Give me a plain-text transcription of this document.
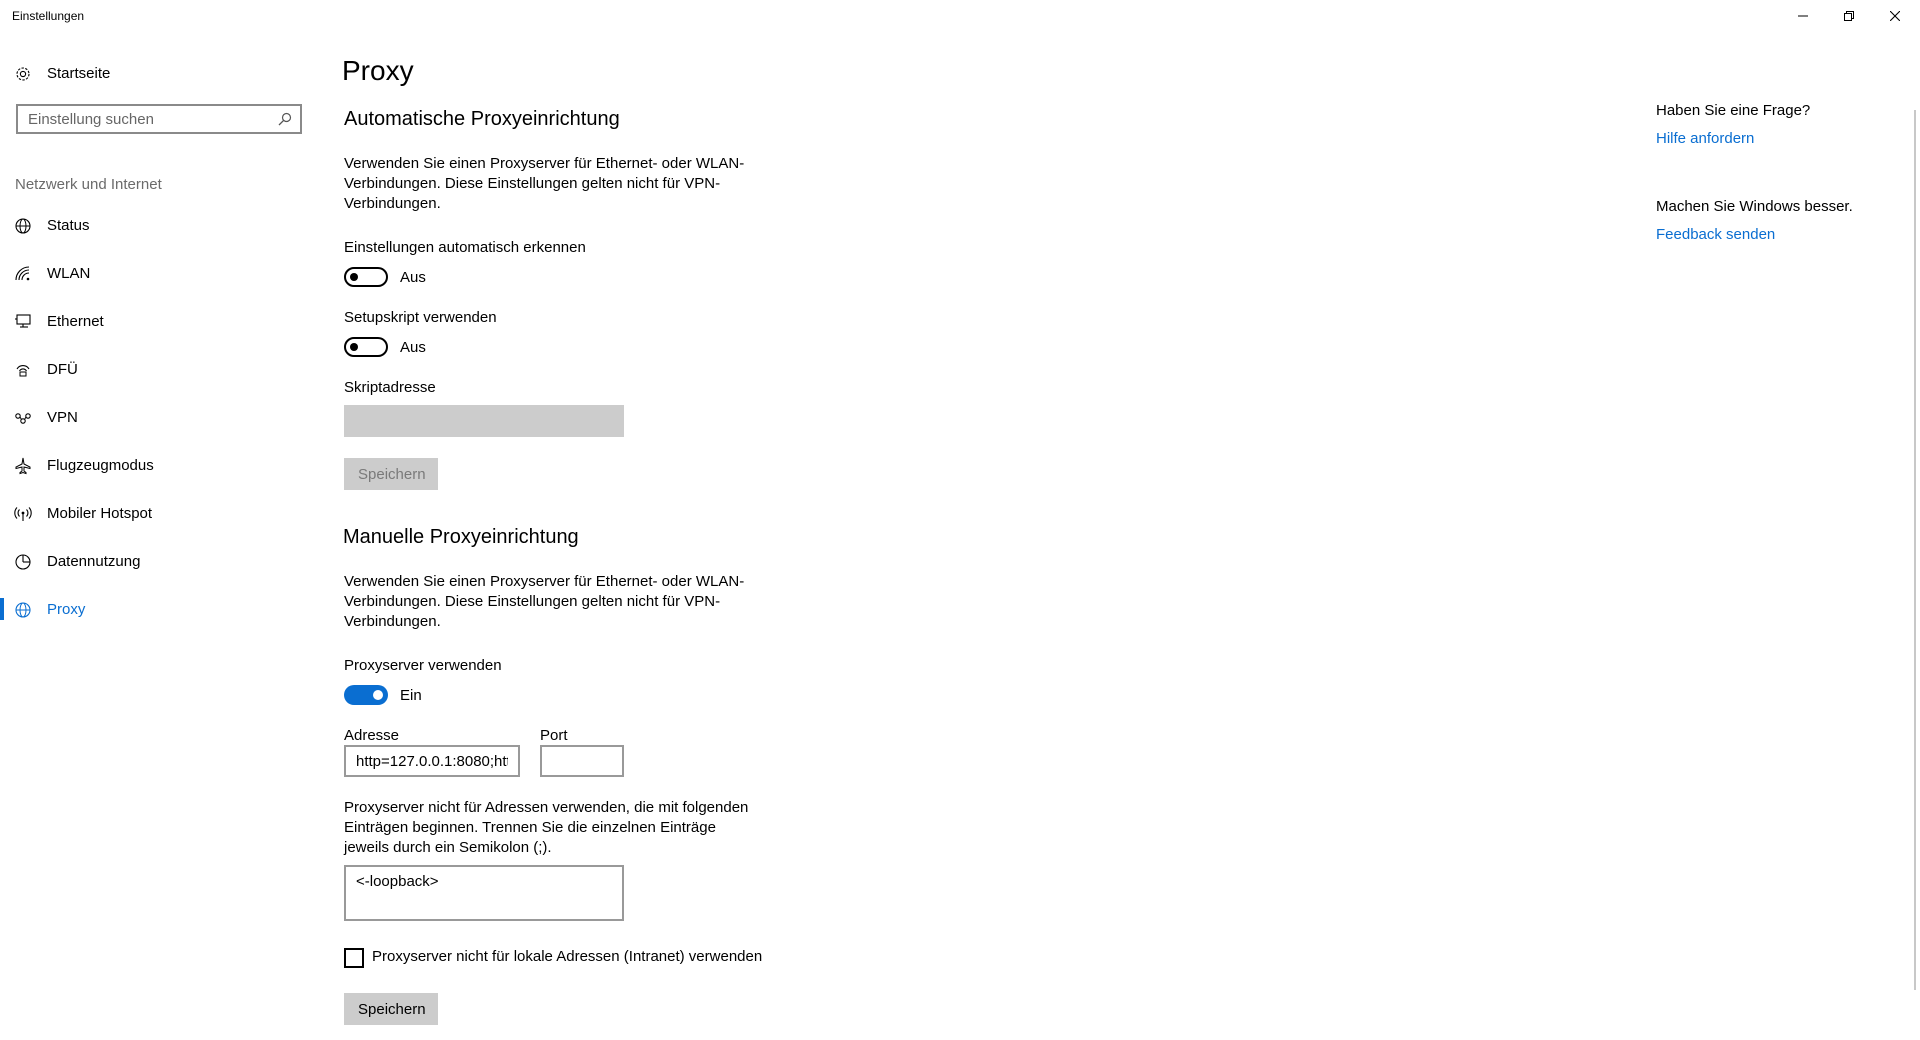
Einstellungen
Startseite
Einstellung suchen
Netzwerk und Internet
Status
WLAN
Ethernet
DFÜ
VPN
Flugzeugmodus
Mobiler Hotspot
Datennutzung
Proxy
Proxy
Automatische Proxyeinrichtung
Verwenden Sie einen Proxyserver für Ethernet- oder WLAN-Verbindungen. Diese Einstellungen gelten nicht für VPN-Verbindungen.
Einstellungen automatisch erkennen
Aus
Setupskript verwenden
Aus
Skriptadresse
Speichern
Manuelle Proxyeinrichtung
Verwenden Sie einen Proxyserver für Ethernet- oder WLAN-Verbindungen. Diese Einstellungen gelten nicht für VPN-Verbindungen.
Proxyserver verwenden
Ein
Adresse
http=127.0.0.1:8080;https	Port
Proxyserver nicht für Adressen verwenden, die mit folgenden Einträgen beginnen. Trennen Sie die einzelnen Einträge jeweils durch ein Semikolon (;).
<-loopback>
Proxyserver nicht für lokale Adressen (Intranet) verwenden
Speichern
Haben Sie eine Frage?
Hilfe anfordern
Machen Sie Windows besser.
Feedback senden
